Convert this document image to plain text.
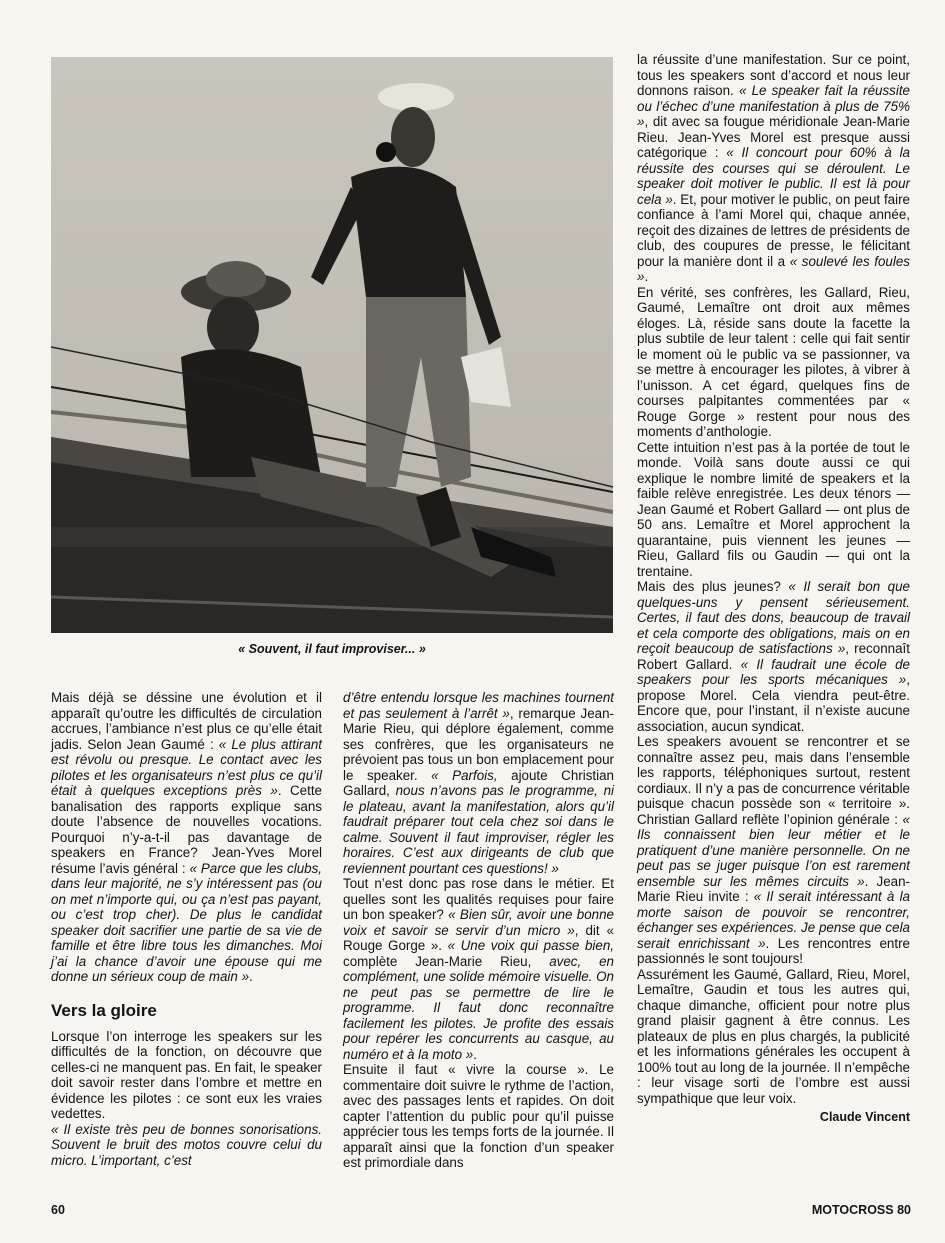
« Souvent, il faut improviser... »

Mais déjà se déssine une évolution et il apparaît qu’outre les difficultés de circulation accrues, l’ambiance n’est plus ce qu’elle était jadis. Selon Jean Gaumé : « Le plus attirant est révolu ou presque. Le contact avec les pilotes et les organisateurs n’est plus ce qu’il était à quelques exceptions près ». Cette banalisation des rapports explique sans doute l’absence de nouvelles vocations. Pourquoi n’y-a-t-il pas davantage de speakers en France? Jean-Yves Morel résume l’avis général : « Parce que les clubs, dans leur majorité, ne s’y intéressent pas (ou on met n’importe qui, ou ça n’est pas payant, ou c’est trop cher). De plus le candidat speaker doit sacrifier une partie de sa vie de famille et être libre tous les dimanches. Moi j’ai la chance d’avoir une épouse qui me donne un sérieux coup de main ».

Vers la gloire

Lorsque l’on interroge les speakers sur les difficultés de la fonction, on découvre que celles-ci ne manquent pas. En fait, le speaker doit savoir rester dans l’ombre et mettre en évidence les pilotes : ce sont eux les vraies vedettes.

« Il existe très peu de bonnes sonorisations. Souvent le bruit des motos couvre celui du micro. L’important, c’est

d’être entendu lorsque les machines tournent et pas seulement à l’arrêt », remarque Jean-Marie Rieu, qui déplore également, comme ses confrères, que les organisateurs ne prévoient pas tous un bon emplacement pour le speaker. « Parfois, ajoute Christian Gallard, nous n’avons pas le programme, ni le plateau, avant la manifestation, alors qu’il faudrait préparer tout cela chez soi dans le calme. Souvent il faut improviser, régler les horaires. C’est aux dirigeants de club que reviennent pourtant ces questions! »

Tout n’est donc pas rose dans le métier. Et quelles sont les qualités requises pour faire un bon speaker? « Bien sûr, avoir une bonne voix et savoir se servir d’un micro », dit « Rouge Gorge ». « Une voix qui passe bien, complète Jean-Marie Rieu, avec, en complément, une solide mémoire visuelle. On ne peut pas se permettre de lire le programme. Il faut donc reconnaître facilement les pilotes. Je profite des essais pour repérer les concurrents au casque, au numéro et à la moto ».

Ensuite il faut « vivre la course ». Le commentaire doit suivre le rythme de l’action, avec des passages lents et rapides. On doit capter l’attention du public pour qu’il puisse apprécier tous les temps forts de la journée. Il apparaît ainsi que la fonction d’un speaker est primordiale dans

la réussite d’une manifestation. Sur ce point, tous les speakers sont d’accord et nous leur donnons raison. « Le speaker fait la réussite ou l’échec d’une manifestation à plus de 75% », dit avec sa fougue méridionale Jean-Marie Rieu. Jean-Yves Morel est presque aussi catégorique : « Il concourt pour 60% à la réussite des courses qui se déroulent. Le speaker doit motiver le public. Il est là pour cela ». Et, pour motiver le public, on peut faire confiance à l’ami Morel qui, chaque année, reçoit des dizaines de lettres de présidents de club, des coupures de presse, le félicitant pour la manière dont il a « soulevé les foules ».

En vérité, ses confrères, les Gallard, Rieu, Gaumé, Lemaître ont droit aux mêmes éloges. Là, réside sans doute la facette la plus subtile de leur talent : celle qui fait sentir le moment où le public va se passionner, va se mettre à encourager les pilotes, à vibrer à l’unisson. A cet égard, quelques fins de courses palpitantes commentées par « Rouge Gorge » restent pour nous des moments d’anthologie.

Cette intuition n’est pas à la portée de tout le monde. Voilà sans doute aussi ce qui explique le nombre limité de speakers et la faible relève enregistrée. Les deux ténors — Jean Gaumé et Robert Gallard — ont plus de 50 ans. Lemaître et Morel approchent la quarantaine, puis viennent les jeunes — Rieu, Gallard fils ou Gaudin — qui ont la trentaine.

Mais des plus jeunes? « Il serait bon que quelques-uns y pensent sérieusement. Certes, il faut des dons, beaucoup de travail et cela comporte des obligations, mais on en reçoit beaucoup de satisfactions », reconnaît Robert Gallard. « Il faudrait une école de speakers pour les sports mécaniques », propose Morel. Cela viendra peut-être. Encore que, pour l’instant, il n’existe aucune association, aucun syndicat.

Les speakers avouent se rencontrer et se connaître assez peu, mais dans l’ensemble les rapports, téléphoniques surtout, restent cordiaux. Il n’y a pas de concurrence véritable puisque chacun possède son « territoire ». Christian Gallard reflète l’opinion générale : « Ils connaissent bien leur métier et le pratiquent d’une manière personnelle. On ne peut pas se juger puisque l’on est rarement ensemble sur les mêmes circuits ». Jean-Marie Rieu invite : « Il serait intéressant à la morte saison de pouvoir se rencontrer, échanger ses expériences. Je pense que cela serait enrichissant ». Les rencontres entre passionnés le sont toujours!

Assurément les Gaumé, Gallard, Rieu, Morel, Lemaître, Gaudin et tous les autres qui, chaque dimanche, officient pour notre plus grand plaisir gagnent à être connus. Les plateaux de plus en plus chargés, la publicité et les informations générales les occupent à 100% tout au long de la journée. Il n’empêche : leur visage sorti de l’ombre est aussi sympathique que leur voix.

Claude Vincent
60	MOTOCROSS 80
